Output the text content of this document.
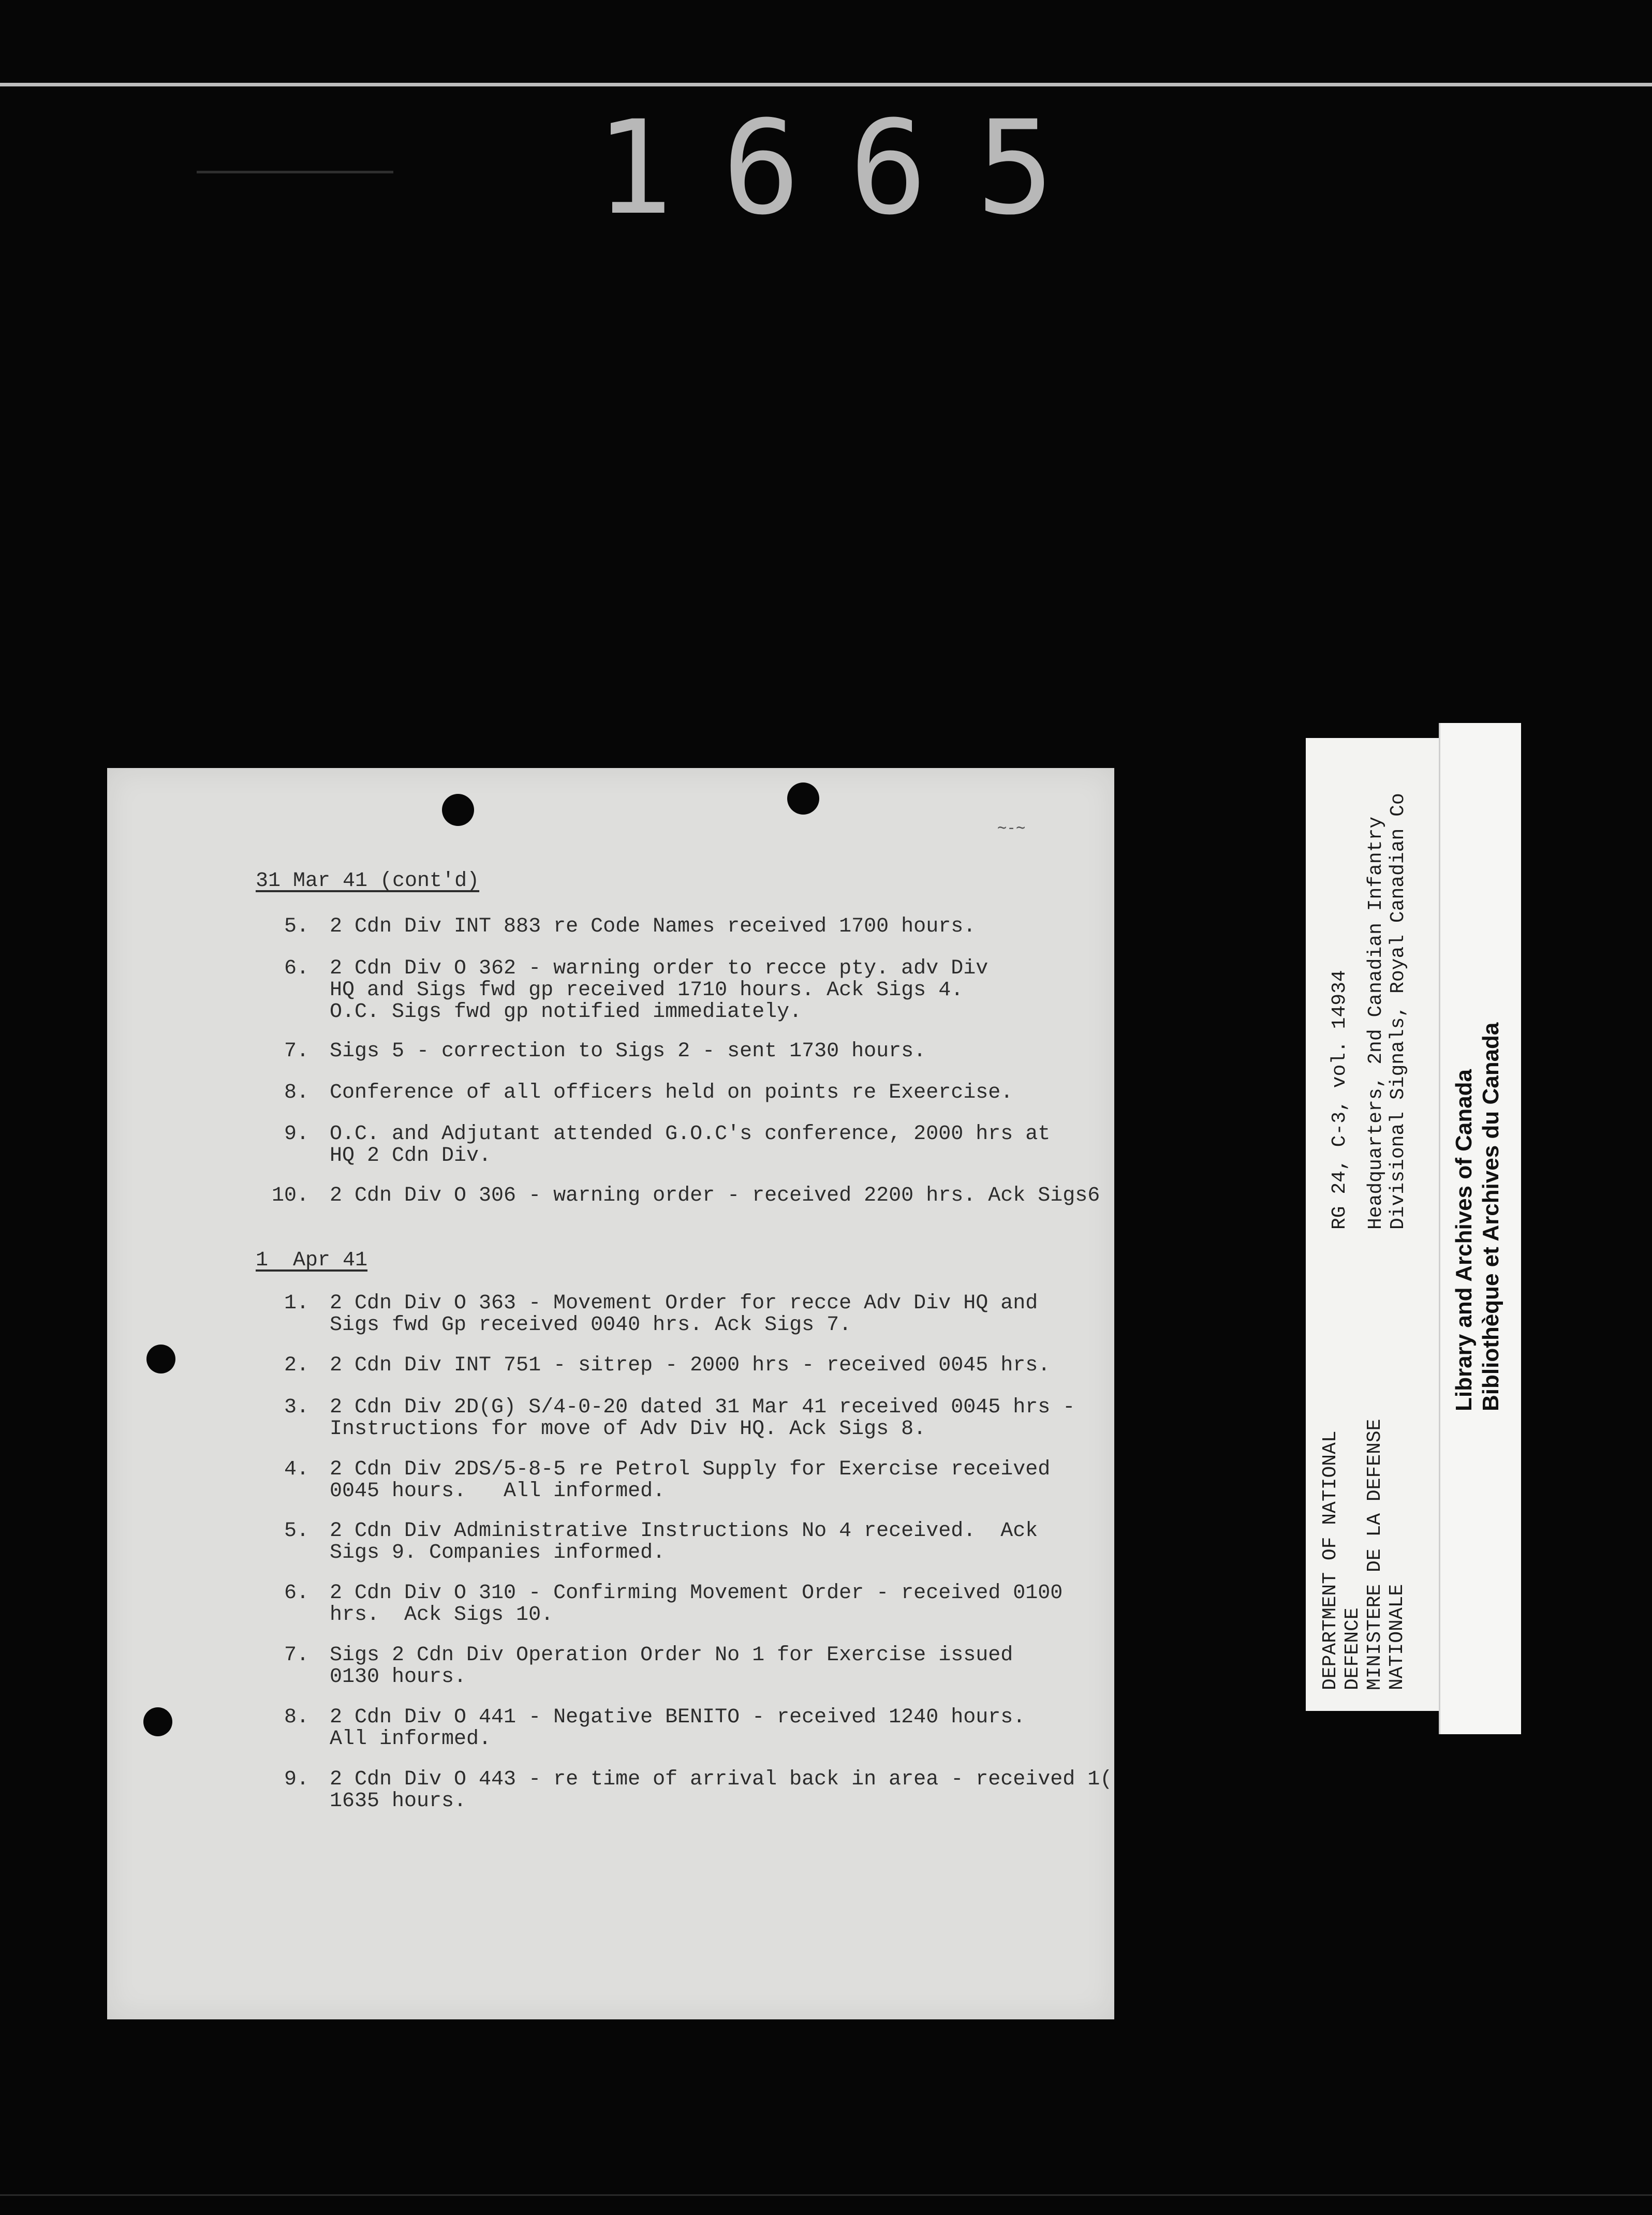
1665
~-~
31 Mar 41 (cont'd)
5. 2 Cdn Div INT 883 re Code Names received 1700 hours.
6. 2 Cdn Div O 362 - warning order to recce pty. adv Div
HQ and Sigs fwd gp received 1710 hours. Ack Sigs 4.
O.C. Sigs fwd gp notified immediately.
7. Sigs 5 - correction to Sigs 2 - sent 1730 hours.
8. Conference of all officers held on points re Exeercise.
9. O.C. and Adjutant attended G.O.C's conference, 2000 hrs at
HQ 2 Cdn Div.
10. 2 Cdn Div O 306 - warning order - received 2200 hrs. Ack Sigs6
1  Apr 41
1. 2 Cdn Div O 363 - Movement Order for recce Adv Div HQ and
Sigs fwd Gp received 0040 hrs. Ack Sigs 7.
2. 2 Cdn Div INT 751 - sitrep - 2000 hrs - received 0045 hrs.
3. 2 Cdn Div 2D(G) S/4-0-20 dated 31 Mar 41 received 0045 hrs -
Instructions for move of Adv Div HQ. Ack Sigs 8.
4. 2 Cdn Div 2DS/5-8-5 re Petrol Supply for Exercise received
0045 hours.   All informed.
5. 2 Cdn Div Administrative Instructions No 4 received.  Ack
Sigs 9. Companies informed.
6. 2 Cdn Div O 310 - Confirming Movement Order - received 0100
hrs.  Ack Sigs 10.
7. Sigs 2 Cdn Div Operation Order No 1 for Exercise issued
0130 hours.
8. 2 Cdn Div O 441 - Negative BENITO - received 1240 hours.
All informed.
9. 2 Cdn Div O 443 - re time of arrival back in area - received 1(
1635 hours.
DEPARTMENT OF NATIONAL
DEFENCE
MINISTERE DE LA DEFENSE
NATIONALE
RG 24, C-3, vol. 14934 Headquarters, 2nd Canadian Infantry
Divisional Signals, Royal Canadian Co
Library and Archives of Canada
Bibliothèque et Archives du Canada
